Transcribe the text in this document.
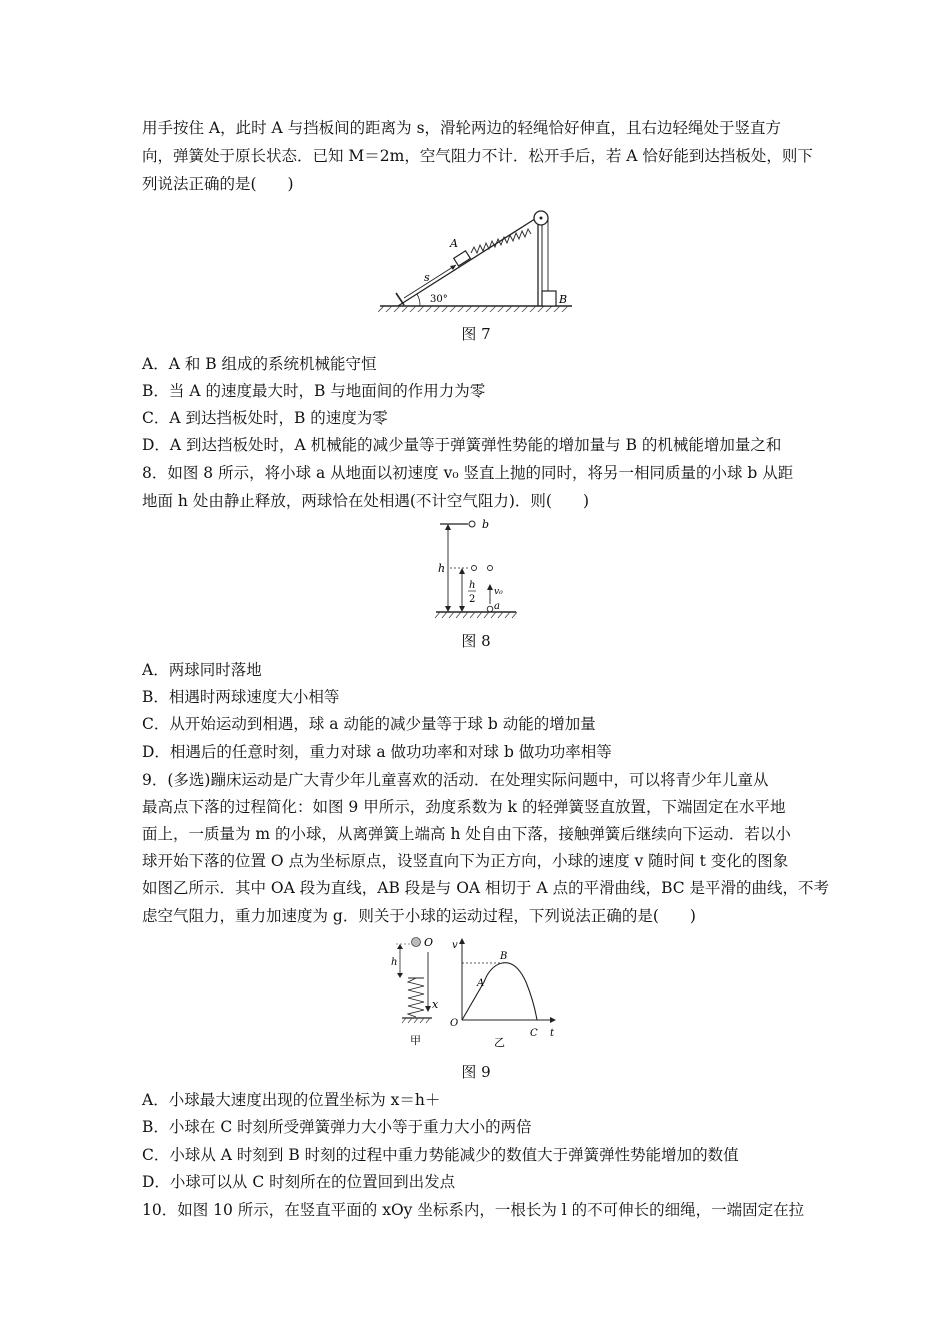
用手按住 A，此时 A 与挡板间的距离为 s，滑轮两边的轻绳恰好伸直，且右边轻绳处于竖直方
向，弹簧处于原长状态．已知 M＝2m，空气阻力不计．松开手后，若 A 恰好能到达挡板处，则下
列说法正确的是(　　)
B
A
s
30°
图 7
A．A 和 B 组成的系统机械能守恒
B．当 A 的速度最大时，B 与地面间的作用力为零
C．A 到达挡板处时，B 的速度为零
D．A 到达挡板处时，A 机械能的减少量等于弹簧弹性势能的增加量与 B 的机械能增加量之和
8．如图 8 所示，将小球 a 从地面以初速度 v₀ 竖直上抛的同时，将另一相同质量的小球 b 从距
地面 h 处由静止释放，两球恰在处相遇(不计空气阻力)．则(　　)
b
h
h
2
v₀
a
图 8
A．两球同时落地
B．相遇时两球速度大小相等
C．从开始运动到相遇，球 a 动能的减少量等于球 b 动能的增加量
D．相遇后的任意时刻，重力对球 a 做功功率和对球 b 做功功率相等
9．(多选)蹦床运动是广大青少年儿童喜欢的活动．在处理实际问题中，可以将青少年儿童从
最高点下落的过程简化：如图 9 甲所示，劲度系数为 k 的轻弹簧竖直放置，下端固定在水平地
面上，一质量为 m 的小球，从离弹簧上端高 h 处自由下落，接触弹簧后继续向下运动．若以小
球开始下落的位置 O 点为坐标原点，设竖直向下为正方向，小球的速度 v 随时间 t 变化的图象
如图乙所示．其中 OA 段为直线，AB 段是与 OA 相切于 A 点的平滑曲线，BC 是平滑的曲线，不考
虑空气阻力，重力加速度为 g．则关于小球的运动过程，下列说法正确的是(　　)
O
x
h
甲
v
t
O
A
B
C
乙
图 9
A．小球最大速度出现的位置坐标为 x＝h＋
B．小球在 C 时刻所受弹簧弹力大小等于重力大小的两倍
C．小球从 A 时刻到 B 时刻的过程中重力势能减少的数值大于弹簧弹性势能增加的数值
D．小球可以从 C 时刻所在的位置回到出发点
10．如图 10 所示，在竖直平面的 xOy 坐标系内，一根长为 l 的不可伸长的细绳，一端固定在拉
